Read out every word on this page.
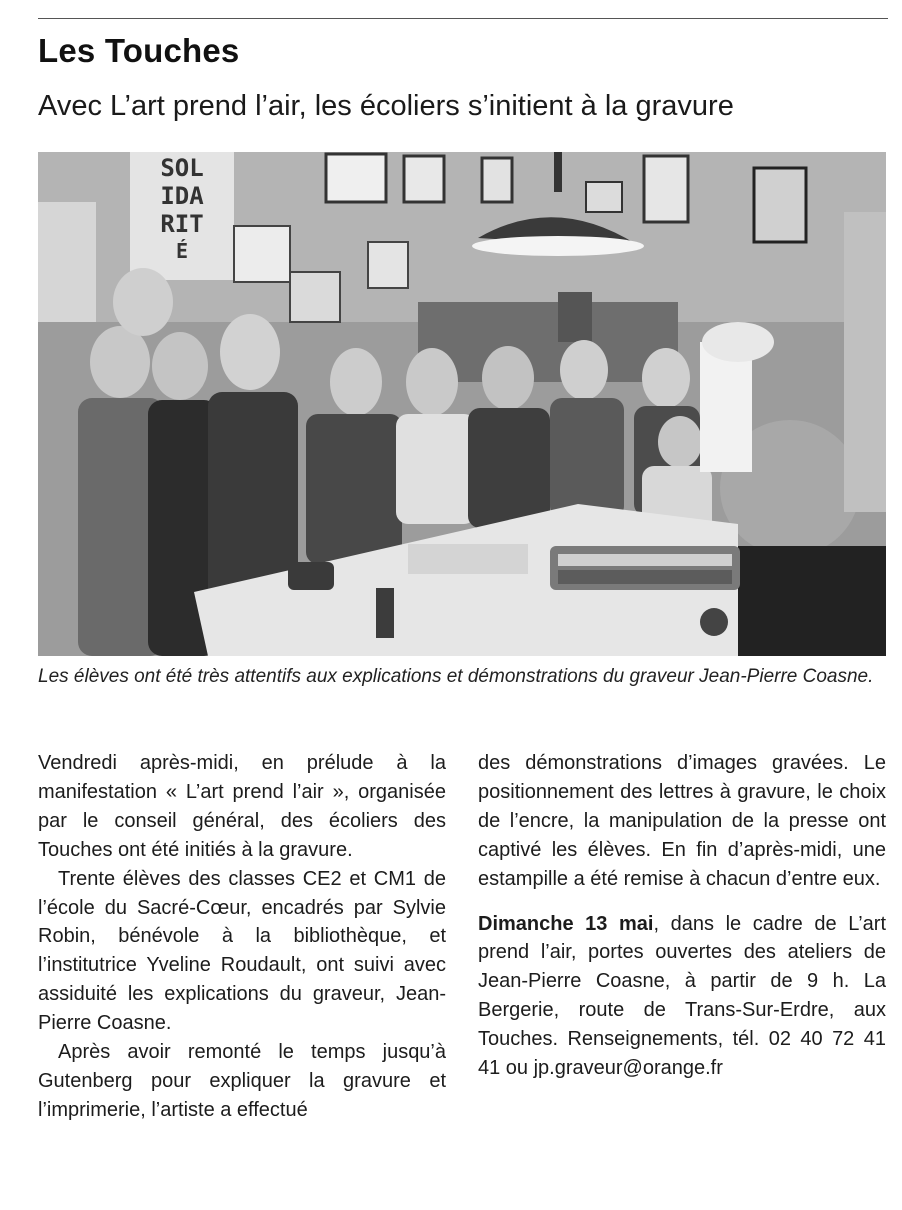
Les Touches
Avec L’art prend l’air, les écoliers s’initient à la gravure
SOL
IDA
RIT
É
Les élèves ont été très attentifs aux explications et démonstrations du graveur Jean-Pierre Coasne.

Vendredi après-midi, en prélude à la manifestation « L’art prend l’air », organisée par le conseil général, des écoliers des Touches ont été initiés à la gravure.

Trente élèves des classes CE2 et CM1 de l’école du Sacré-Cœur, encadrés par Sylvie Robin, bénévole à la bibliothèque, et l’institutrice Yveline Roudault, ont suivi avec assiduité les explications du graveur, Jean-Pierre Coasne.

Après avoir remonté le temps jusqu’à Gutenberg pour expliquer la gravure et l’imprimerie, l’artiste a effectué

des démonstrations d’images gravées. Le positionnement des lettres à gravure, le choix de l’encre, la manipulation de la presse ont captivé les élèves. En fin d’après-midi, une estampille a été remise à chacun d’entre eux.

Dimanche 13 mai, dans le cadre de L’art prend l’air, portes ouvertes des ateliers de Jean-Pierre Coasne, à partir de 9 h. La Bergerie, route de Trans-Sur-Erdre, aux Touches. Renseignements, tél. 02 40 72 41 41 ou jp.graveur@orange.fr
